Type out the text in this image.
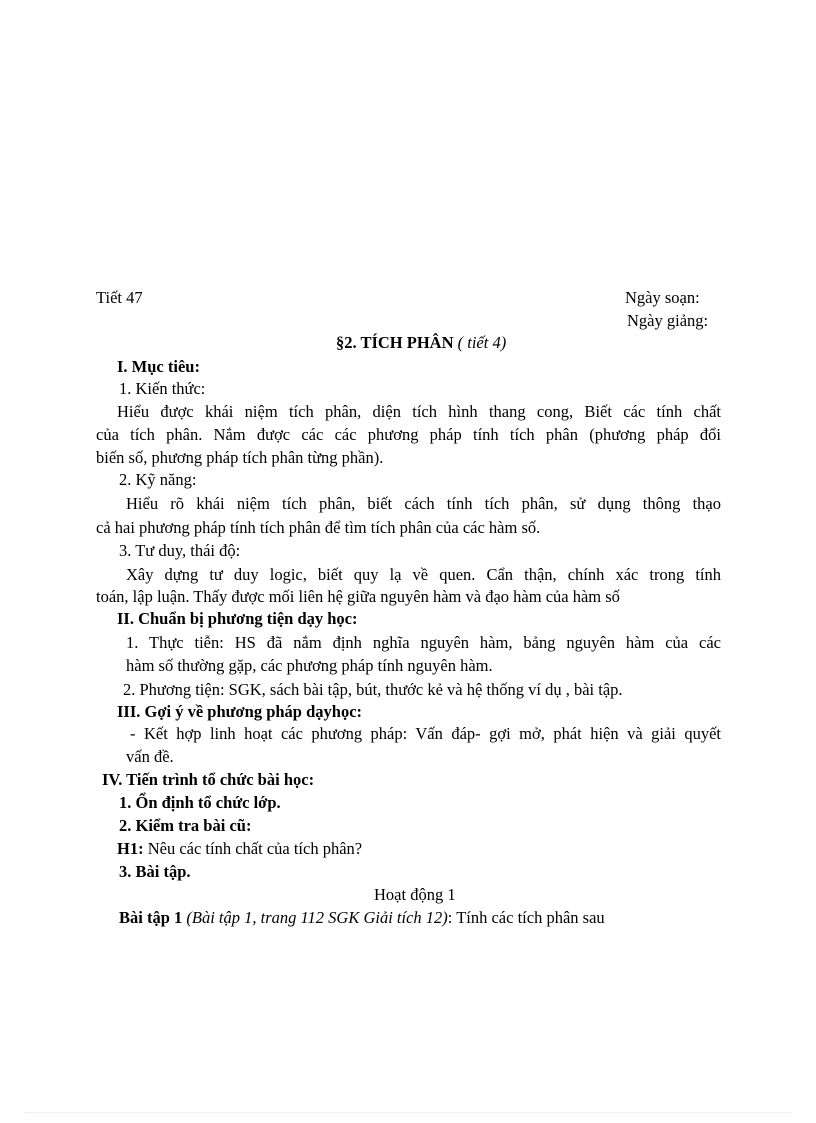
Tiết 47	Ngày soạn:
Ngày giảng:
§2. TÍCH PHÂN ( tiết 4)
I. Mục tiêu:
1. Kiến thức:
Hiểu được khái niệm tích phân, diện tích hình thang cong, Biết các tính chất
của tích phân. Nắm được các các phương pháp tính tích phân (phương pháp đổi
biến số, phương pháp tích phân từng phần).
2. Kỹ năng:
Hiểu rõ khái niệm tích phân, biết cách tính tích phân, sử dụng thông thạo
cả hai phương pháp tính tích phân để tìm tích phân của các hàm số.
3. Tư duy, thái độ:
Xây dựng tư duy logic, biết quy lạ về quen. Cẩn thận, chính xác trong tính
toán, lập luận. Thấy được mối liên hệ giữa nguyên hàm và đạo hàm của hàm số
II. Chuẩn bị phương tiện dạy học:
1. Thực tiễn: HS đã nắm định nghĩa nguyên hàm, bảng nguyên hàm của các
hàm số thường gặp, các phương pháp tính nguyên hàm.
2. Phương tiện: SGK, sách bài tập, bút, thước kẻ và hệ thống ví dụ , bài tập.
III. Gợi ý về phương pháp dạyhọc:
- Kết hợp linh hoạt các phương pháp: Vấn đáp- gợi mở, phát hiện và giải quyết
vấn đề.
IV. Tiến trình tổ chức bài học:
1. Ổn định tổ chức lớp.
2. Kiểm tra bài cũ:
H1: Nêu các tính chất của tích phân?
3. Bài tập.
Hoạt động 1
Bài tập 1 (Bài tập 1, trang 112 SGK Giải tích 12): Tính các tích phân sau
